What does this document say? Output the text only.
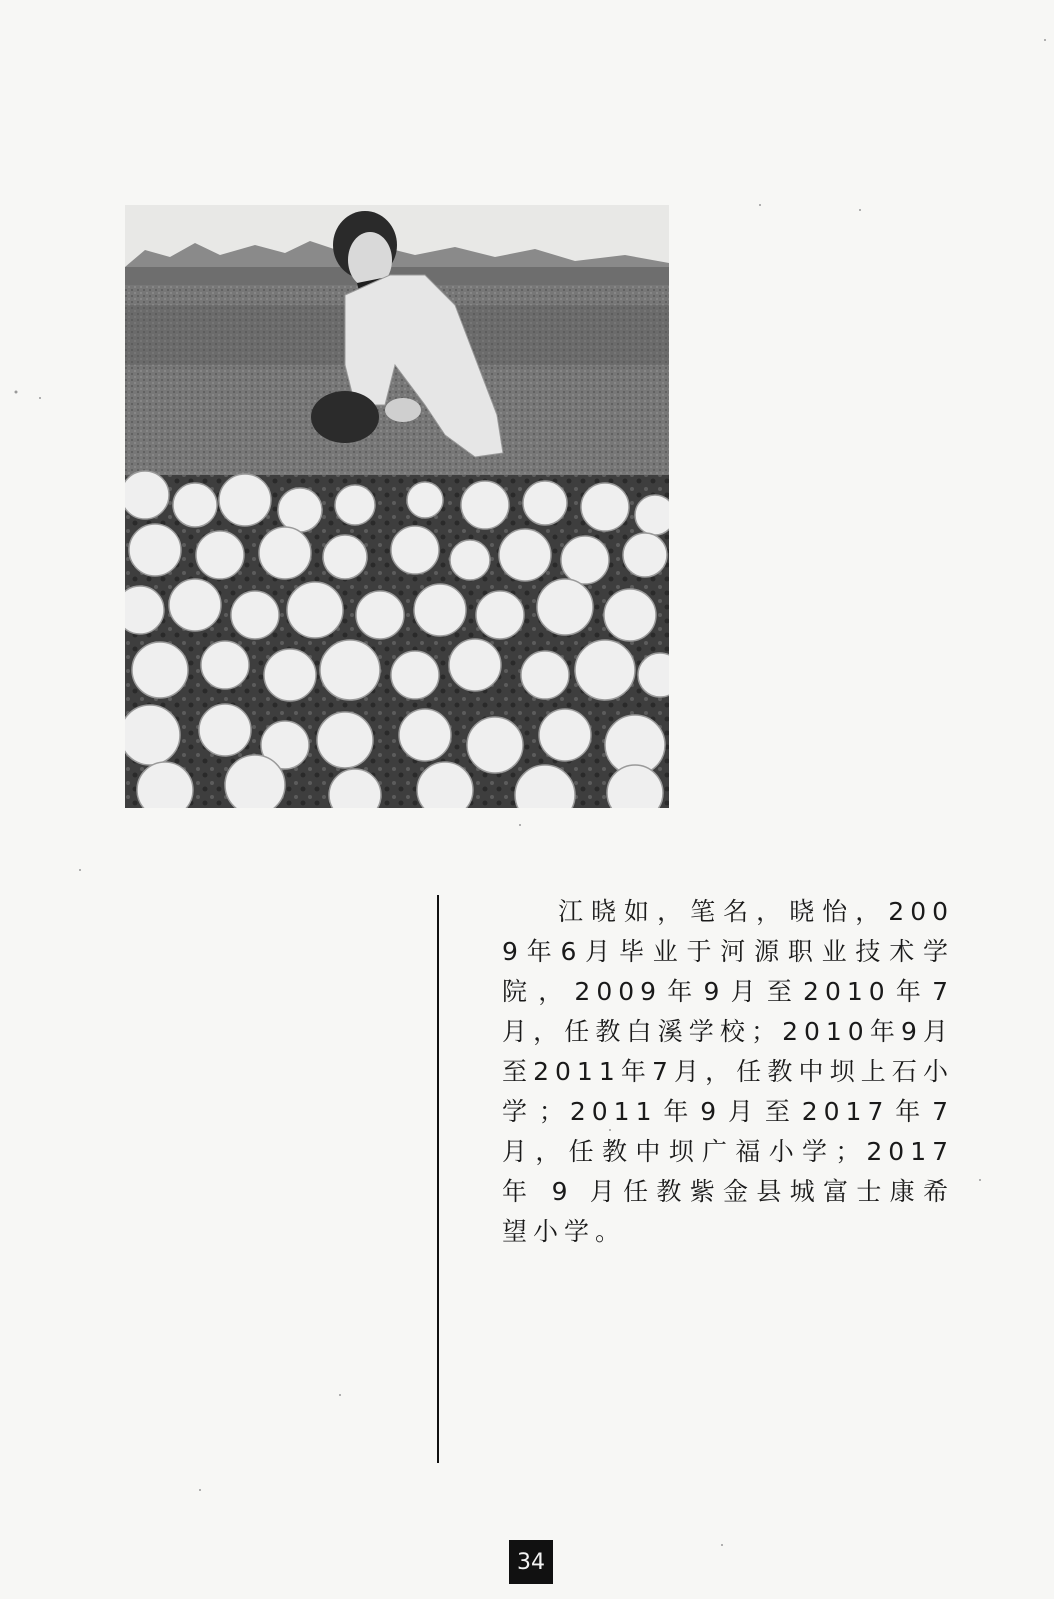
江晓如，笔名，晓怡，2009年6月毕业于河源职业技术学院，2009年9月至2010年7月，任教白溪学校；2010年9月至2011年7月，任教中坝上石小学；2011年9月至2017年7月，任教中坝广福小学；2017年 9 月任教紫金县城富士康希望小学。
34
